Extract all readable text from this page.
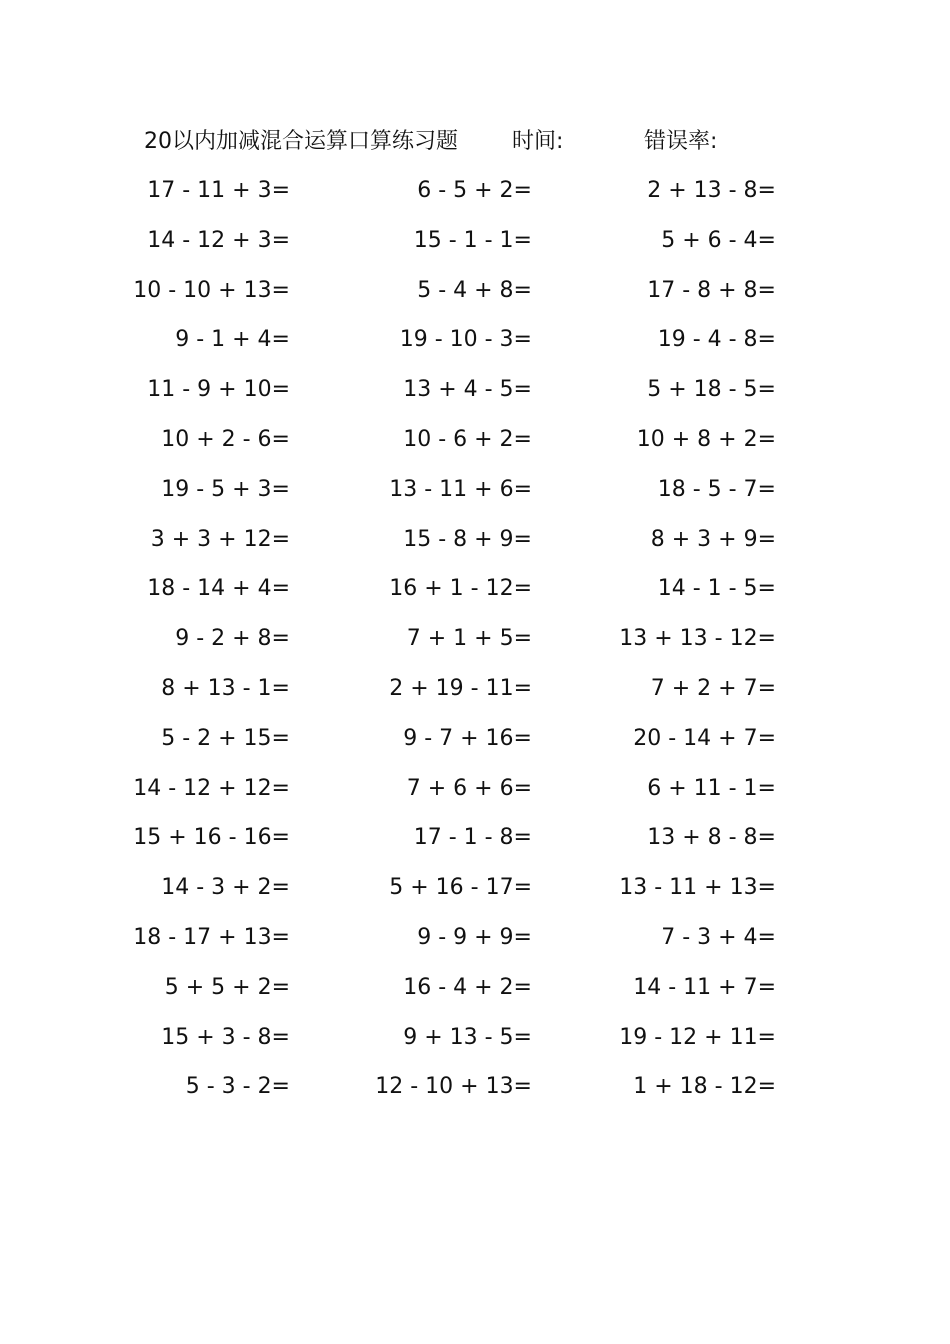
20以内加减混合运算口算练习题 时间:	错误率:
17 - 11 + 3=	6 - 5 + 2=	2 + 13 - 8=
14 - 12 + 3=	15 - 1 - 1=	5 + 6 - 4=
10 - 10 + 13=	5 - 4 + 8=	17 - 8 + 8=
9 - 1 + 4=	19 - 10 - 3=	19 - 4 - 8=
11 - 9 + 10=	13 + 4 - 5=	5 + 18 - 5=
10 + 2 - 6=	10 - 6 + 2=	10 + 8 + 2=
19 - 5 + 3=	13 - 11 + 6=	18 - 5 - 7=
3 + 3 + 12=	15 - 8 + 9=	8 + 3 + 9=
18 - 14 + 4=	16 + 1 - 12=	14 - 1 - 5=
9 - 2 + 8=	7 + 1 + 5=	13 + 13 - 12=
8 + 13 - 1=	2 + 19 - 11=	7 + 2 + 7=
5 - 2 + 15=	9 - 7 + 16=	20 - 14 + 7=
14 - 12 + 12=	7 + 6 + 6=	6 + 11 - 1=
15 + 16 - 16=	17 - 1 - 8=	13 + 8 - 8=
14 - 3 + 2=	5 + 16 - 17=	13 - 11 + 13=
18 - 17 + 13=	9 - 9 + 9=	7 - 3 + 4=
5 + 5 + 2=	16 - 4 + 2=	14 - 11 + 7=
15 + 3 - 8=	9 + 13 - 5=	19 - 12 + 11=
5 - 3 - 2=	12 - 10 + 13=	1 + 18 - 12=
